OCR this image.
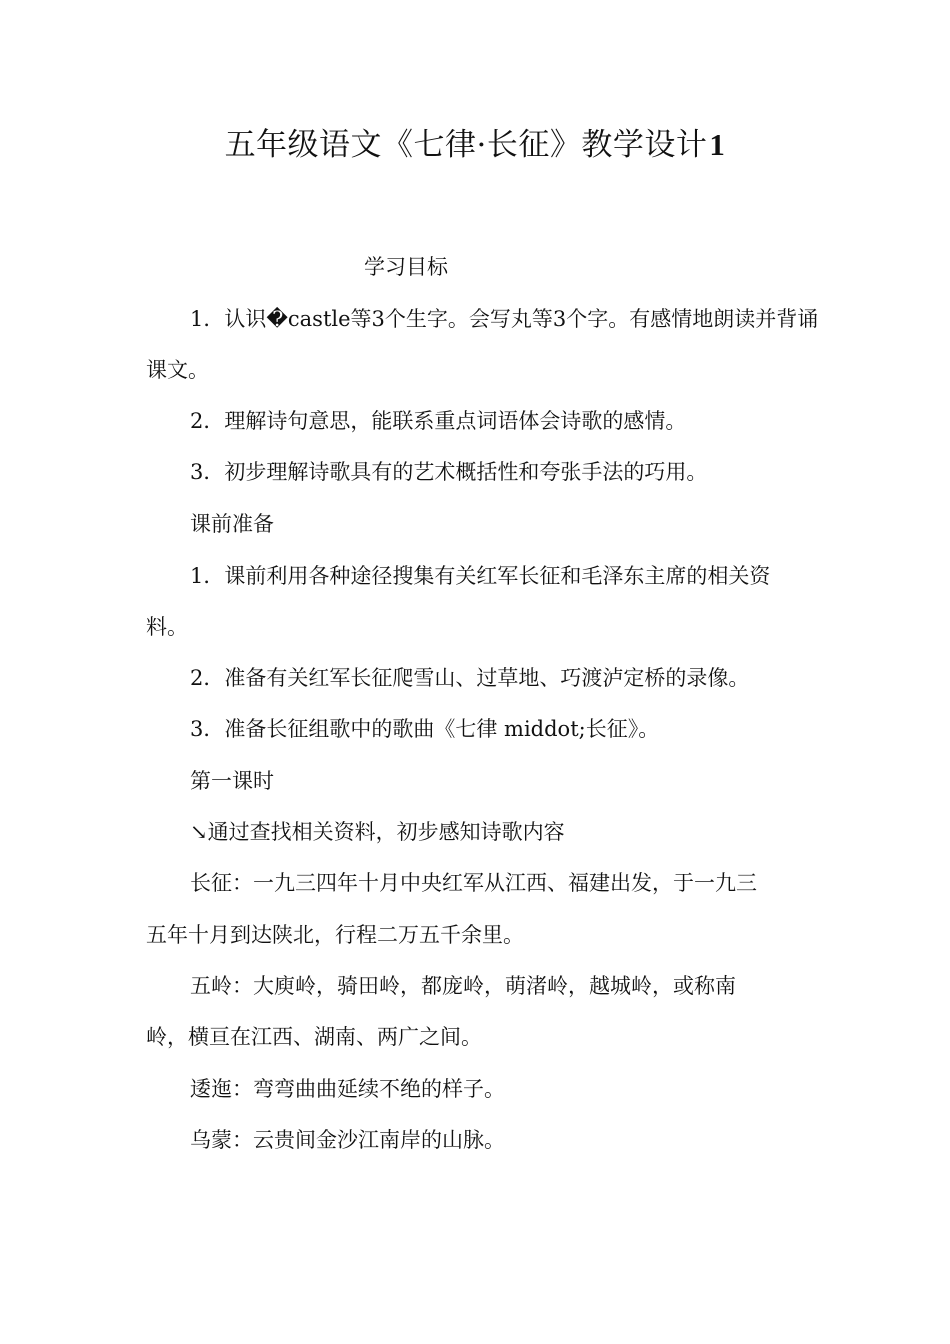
五年级语文《七律·长征》教学设计1
学习目标
1．认识�castle等3个生字。会写丸等3个字。有感情地朗读并背诵
课文。
2．理解诗句意思，能联系重点词语体会诗歌的感情。
3．初步理解诗歌具有的艺术概括性和夸张手法的巧用。
课前准备
1．课前利用各种途径搜集有关红军长征和毛泽东主席的相关资
料。
2．准备有关红军长征爬雪山、过草地、巧渡泸定桥的录像。
3．准备长征组歌中的歌曲《七律 middot;长征》。
第一课时
↘通过查找相关资料，初步感知诗歌内容
长征：一九三四年十月中央红军从江西、福建出发，于一九三
五年十月到达陕北，行程二万五千余里。
五岭：大庾岭，骑田岭，都庞岭，萌渚岭，越城岭，或称南
岭，横亘在江西、湖南、两广之间。
逶迤：弯弯曲曲延续不绝的样子。
乌蒙：云贵间金沙江南岸的山脉。
